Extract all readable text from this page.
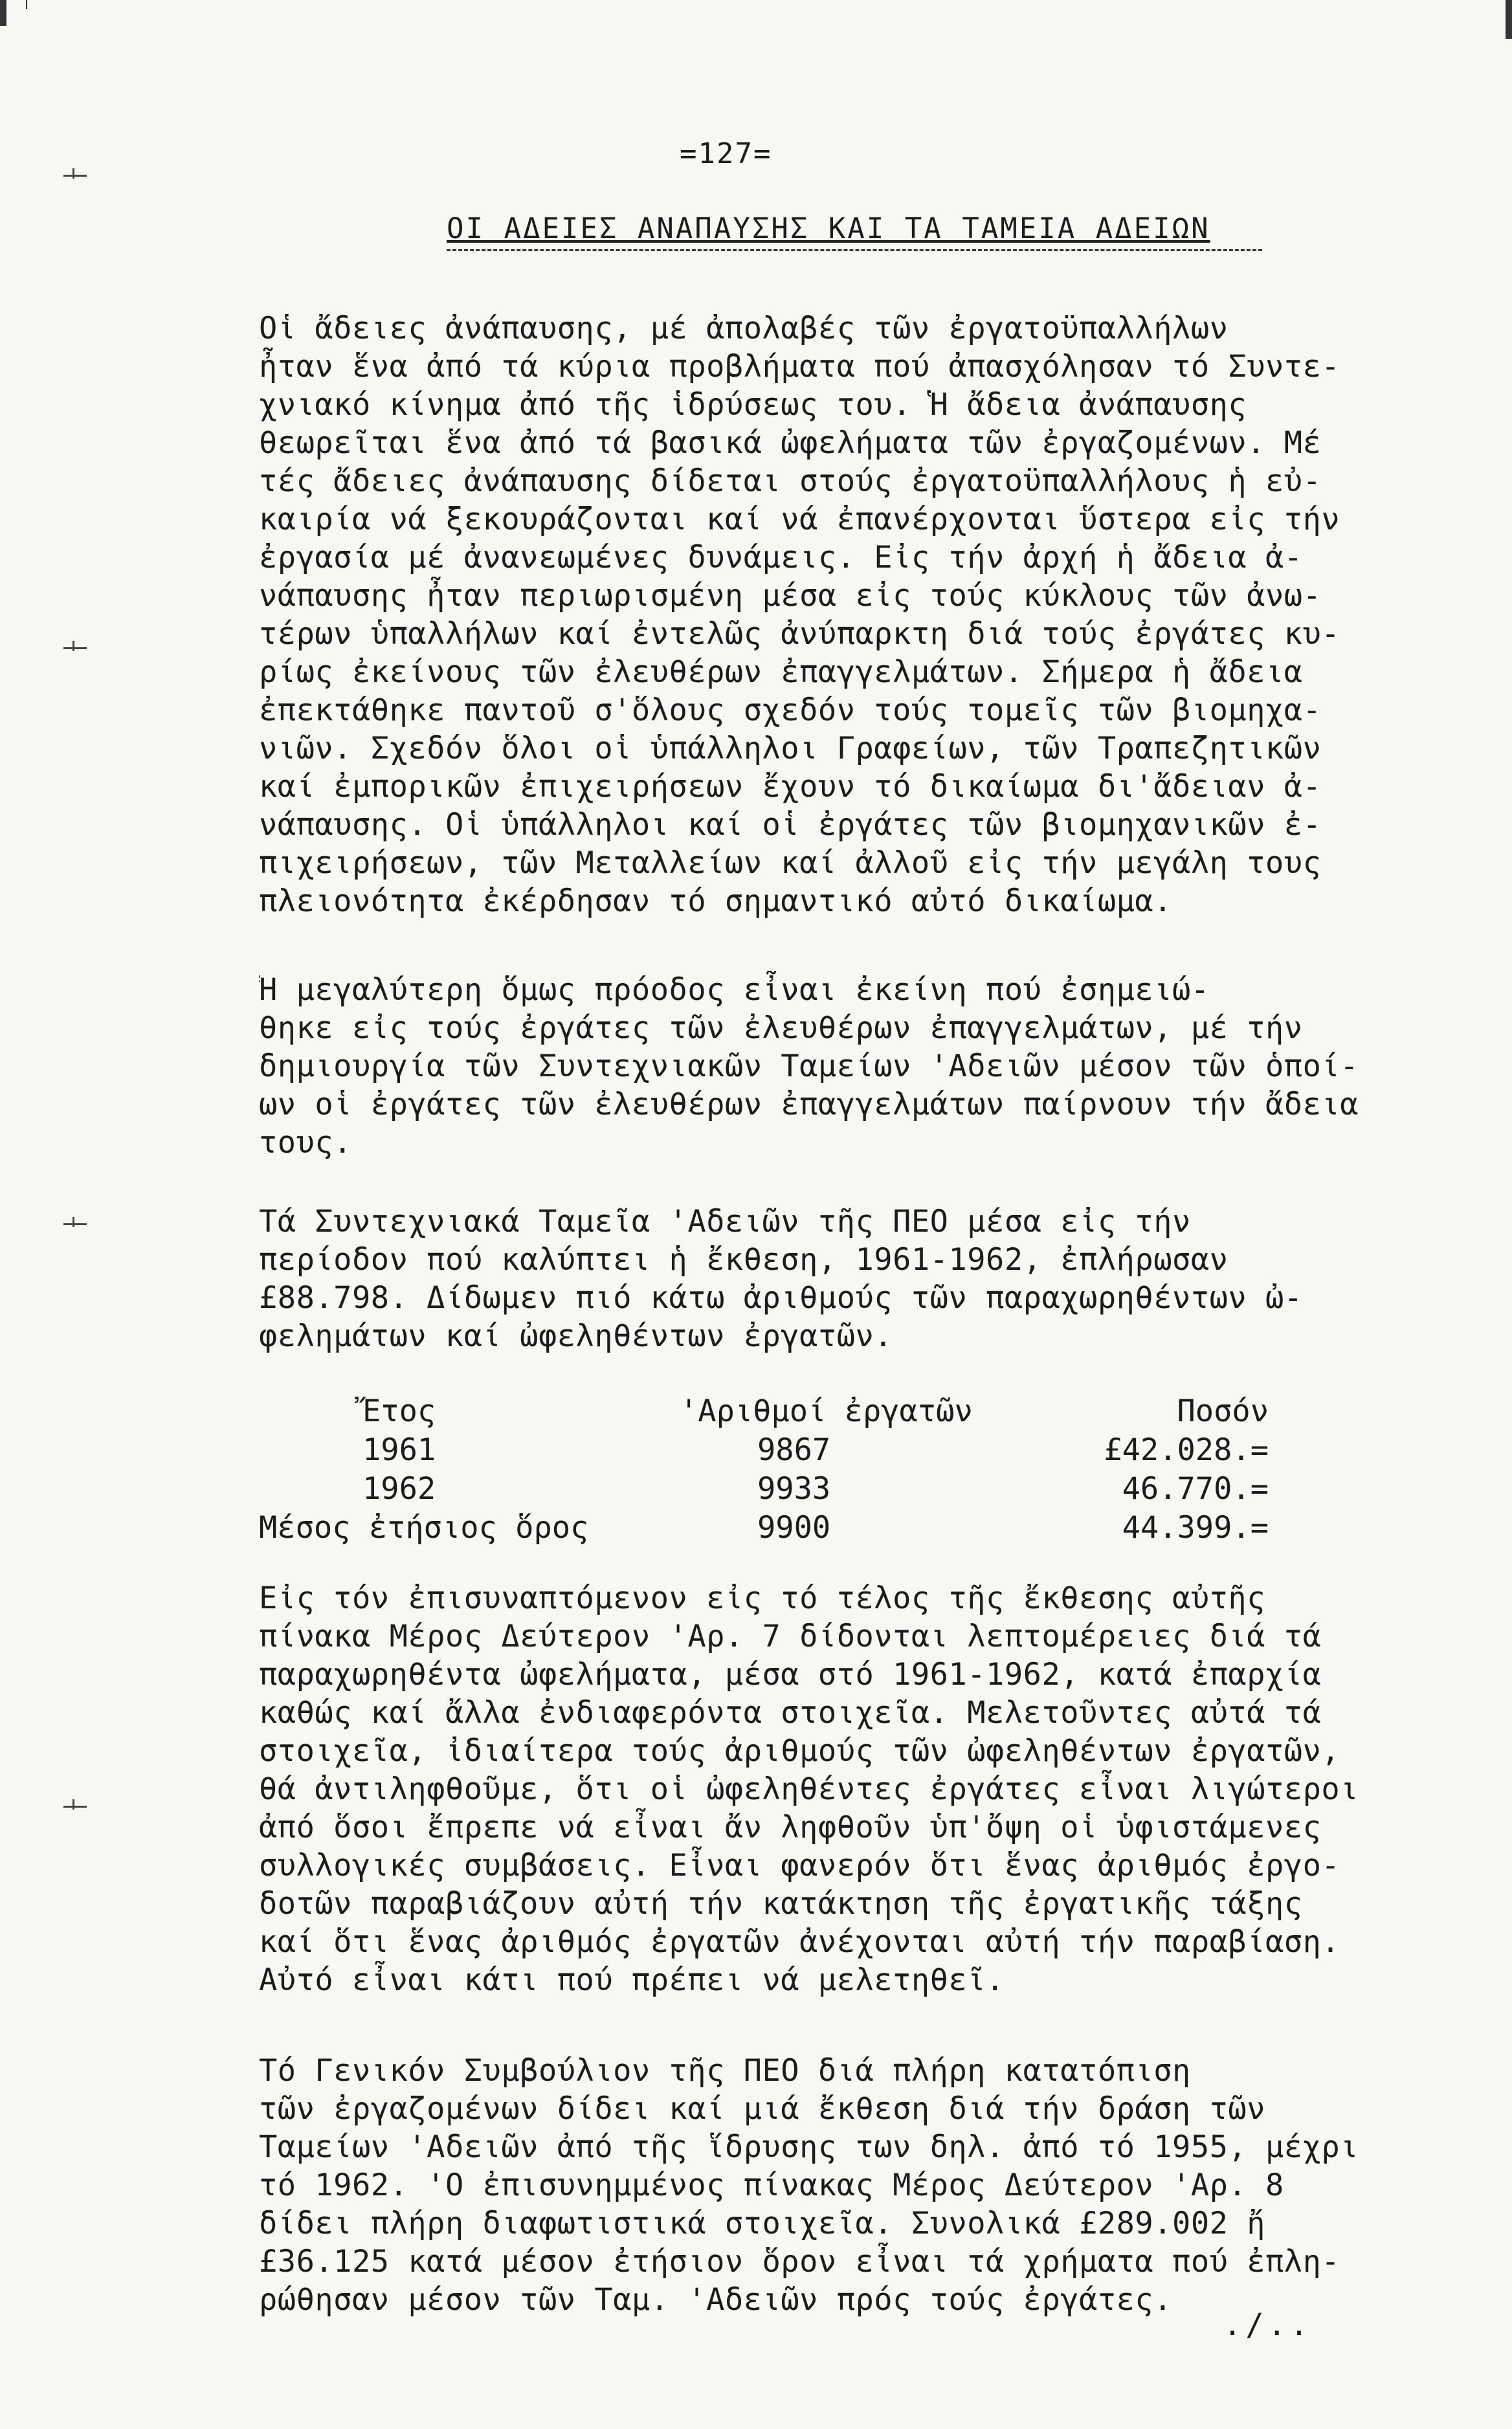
=127=
ΟΙ ΑΔΕΙΕΣ ΑΝΑΠΑΥΣΗΣ ΚΑΙ ΤΑ ΤΑΜΕΙΑ ΑΔΕΙΩΝ
Οἱ ἄδειες ἀνάπαυσης, μέ ἀπολαβές τῶν ἐργατοϋπαλλήλων
ἦταν ἕνα ἀπό τά κύρια προβλήματα πού ἀπασχόλησαν τό Συντε-
χνιακό κίνημα ἀπό τῆς ἱδρύσεως του. Ἡ ἄδεια ἀνάπαυσης
θεωρεῖται ἕνα ἀπό τά βασικά ὠφελήματα τῶν ἐργαζομένων. Μέ
τές ἄδειες ἀνάπαυσης δίδεται στούς ἐργατοϋπαλλήλους ἡ εὐ-
καιρία νά ξεκουράζονται καί νά ἐπανέρχονται ὕστερα εἰς τήν
ἐργασία μέ ἀνανεωμένες δυνάμεις. Εἰς τήν ἀρχή ἡ ἄδεια ἀ-
νάπαυσης ἦταν περιωρισμένη μέσα εἰς τούς κύκλους τῶν ἀνω-
τέρων ὑπαλλήλων καί ἐντελῶς ἀνύπαρκτη διά τούς ἐργάτες κυ-
ρίως ἐκείνους τῶν ἐλευθέρων ἐπαγγελμάτων. Σήμερα ἡ ἄδεια
ἐπεκτάθηκε παντοῦ σ'ὅλους σχεδόν τούς τομεῖς τῶν βιομηχα-
νιῶν. Σχεδόν ὅλοι οἱ ὑπάλληλοι Γραφείων, τῶν Τραπεζητικῶν
καί ἐμπορικῶν ἐπιχειρήσεων ἔχουν τό δικαίωμα δι'ἄδειαν ἀ-
νάπαυσης. Οἱ ὑπάλληλοι καί οἱ ἐργάτες τῶν βιομηχανικῶν ἐ-
πιχειρήσεων, τῶν Μεταλλείων καί ἀλλοῦ εἰς τήν μεγάλη τους
πλειονότητα ἐκέρδησαν τό σημαντικό αὐτό δικαίωμα.
Ἡ μεγαλύτερη ὅμως πρόοδος εἶναι ἐκείνη πού ἐσημειώ-
θηκε εἰς τούς ἐργάτες τῶν ἐλευθέρων ἐπαγγελμάτων, μέ τήν
δημιουργία τῶν Συντεχνιακῶν Ταμείων 'Αδειῶν μέσον τῶν ὁποί-
ων οἱ ἐργάτες τῶν ἐλευθέρων ἐπαγγελμάτων παίρνουν τήν ἄδεια
τους.
Τά Συντεχνιακά Ταμεῖα 'Αδειῶν τῆς ΠΕΟ μέσα εἰς τήν
περίοδον πού καλύπτει ἡ ἔκθεση, 1961-1962, ἐπλήρωσαν
£88.798. Δίδωμεν πιό κάτω ἀριθμούς τῶν παραχωρηθέντων ὠ-
φελημάτων καί ὠφεληθέντων ἐργατῶν.
Ἔτος	'Αριθμοί ἐργατῶν	Ποσόν
1961	9867	£42.028.=
1962	9933	46.770.=
Μέσος ἐτήσιος ὅρος	9900	44.399.=
Εἰς τόν ἐπισυναπτόμενον εἰς τό τέλος τῆς ἔκθεσης αὐτῆς
πίνακα Μέρος Δεύτερον 'Αρ. 7 δίδονται λεπτομέρειες διά τά
παραχωρηθέντα ὠφελήματα, μέσα στό 1961-1962, κατά ἐπαρχία
καθώς καί ἄλλα ἐνδιαφερόντα στοιχεῖα. Μελετοῦντες αὐτά τά
στοιχεῖα, ἰδιαίτερα τούς ἀριθμούς τῶν ὠφεληθέντων ἐργατῶν,
θά ἀντιληφθοῦμε, ὅτι οἱ ὠφεληθέντες ἐργάτες εἶναι λιγώτεροι
ἀπό ὅσοι ἔπρεπε νά εἶναι ἄν ληφθοῦν ὑπ'ὄψη οἱ ὑφιστάμενες
συλλογικές συμβάσεις. Εἶναι φανερόν ὅτι ἕνας ἀριθμός ἐργο-
δοτῶν παραβιάζουν αὐτή τήν κατάκτηση τῆς ἐργατικῆς τάξης
καί ὅτι ἕνας ἀριθμός ἐργατῶν ἀνέχονται αὐτή τήν παραβίαση.
Αὐτό εἶναι κάτι πού πρέπει νά μελετηθεῖ.
Τό Γενικόν Συμβούλιον τῆς ΠΕΟ διά πλήρη κατατόπιση
τῶν ἐργαζομένων δίδει καί μιά ἔκθεση διά τήν δράση τῶν
Ταμείων 'Αδειῶν ἀπό τῆς ἵδρυσης των δηλ. ἀπό τό 1955, μέχρι
τό 1962. 'Ο ἐπισυνημμένος πίνακας Μέρος Δεύτερον 'Αρ. 8
δίδει πλήρη διαφωτιστικά στοιχεῖα. Συνολικά £289.002 ἤ
£36.125 κατά μέσον ἐτήσιον ὅρον εἶναι τά χρήματα πού ἐπλη-
ρώθησαν μέσον τῶν Ταμ. 'Αδειῶν πρός τούς ἐργάτες.
./..
